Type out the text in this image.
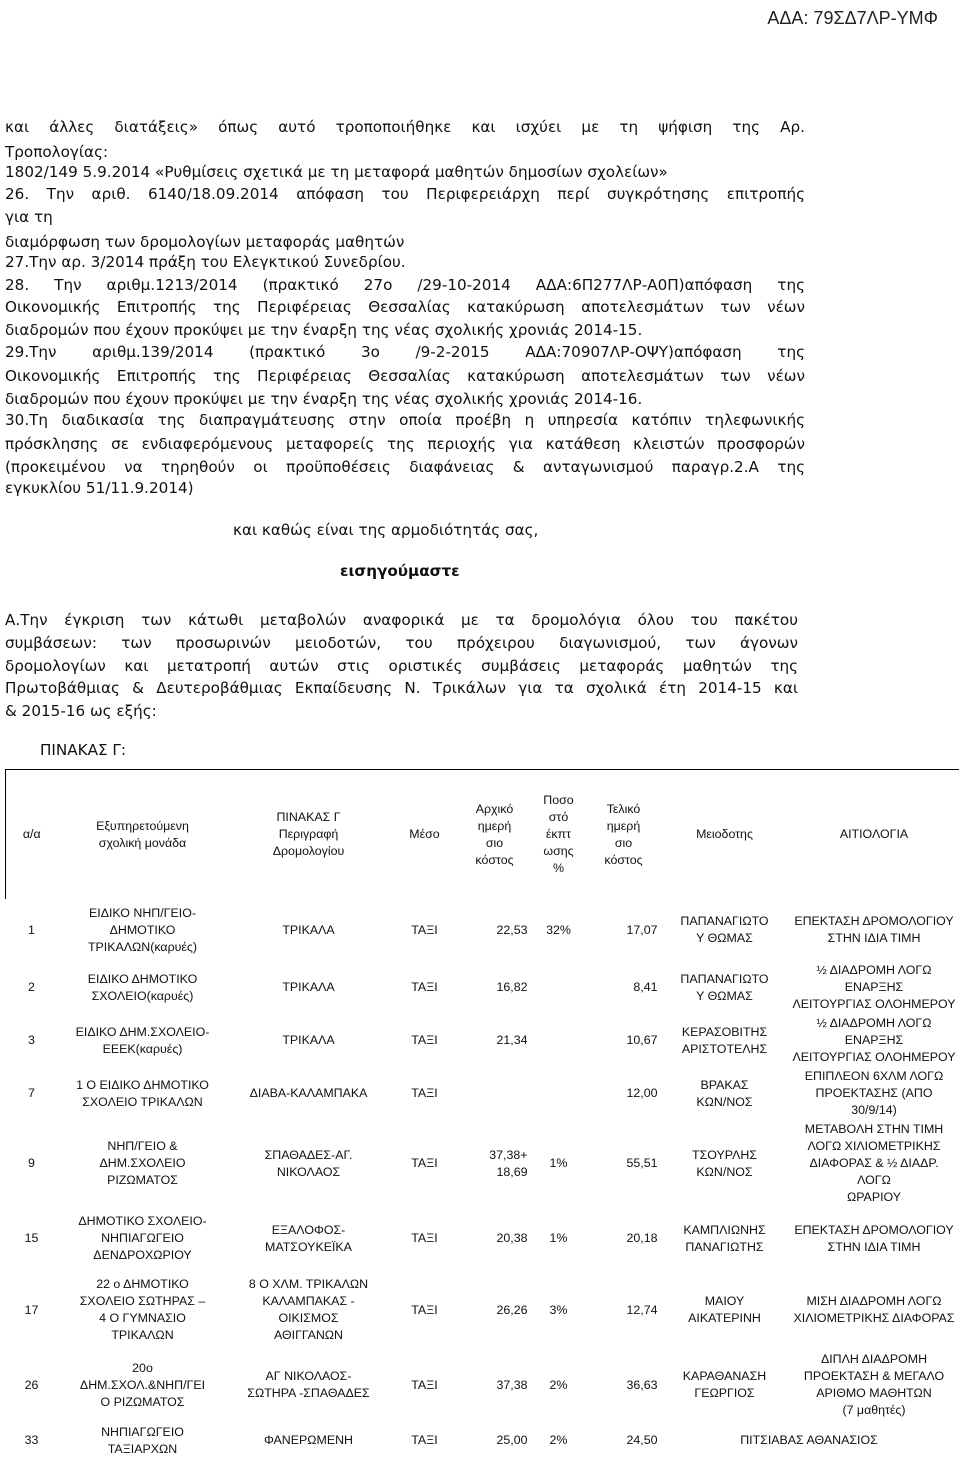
ΑΔΑ: 79ΣΔ7ΛΡ-ΥΜΦ
και άλλες διατάξεις» όπως αυτό τροποποιήθηκε και ισχύει με τη ψήφιση της Αρ.
Τροπολογίας:
1802/149 5.9.2014 «Ρυθμίσεις σχετικά με τη μεταφορά μαθητών δημοσίων σχολείων»
26. Την αριθ. 6140/18.09.2014 απόφαση του Περιφερειάρχη περί συγκρότησης επιτροπής
για τη
διαμόρφωση των δρομολογίων μεταφοράς μαθητών
27.Την αρ. 3/2014 πράξη του Ελεγκτικού Συνεδρίου.
28. Την αριθμ.1213/2014 (πρακτικό 27ο /29-10-2014 ΑΔΑ:6Π277ΛΡ-Α0Π)απόφαση της
Οικονομικής Επιτροπής της Περιφέρειας Θεσσαλίας κατακύρωση αποτελεσμάτων των νέων
διαδρομών που έχουν προκύψει με την έναρξη της νέας σχολικής χρονιάς 2014-15.
29.Την αριθμ.139/2014 (πρακτικό 3ο /9-2-2015 ΑΔΑ:70907ΛΡ-ΟΨΥ)απόφαση της
Οικονομικής Επιτροπής της Περιφέρειας Θεσσαλίας κατακύρωση αποτελεσμάτων των νέων
διαδρομών που έχουν προκύψει με την έναρξη της νέας σχολικής χρονιάς 2014-16.
30.Τη διαδικασία της διαπραγμάτευσης στην οποία προέβη η υπηρεσία κατόπιν τηλεφωνικής
πρόσκλησης σε ενδιαφερόμενους μεταφορείς της περιοχής για κατάθεση κλειστών προσφορών
(προκειμένου να τηρηθούν οι προϋποθέσεις διαφάνειας & ανταγωνισμού παραγρ.2.Α της
εγκυκλίου 51/11.9.2014)
και καθώς είναι της αρμοδιότητάς σας,
εισηγούμαστε
Α.Την έγκριση των κάτωθι μεταβολών αναφορικά με τα δρομολόγια όλου του πακέτου
συμβάσεων: των προσωρινών μειοδοτών, του πρόχειρου διαγωνισμού, των άγονων
δρομολογίων και μετατροπή αυτών στις οριστικές συμβάσεις μεταφοράς μαθητών της
Πρωτοβάθμιας & Δευτεροβάθμιας Εκπαίδευσης Ν. Τρικάλων για τα σχολικά έτη 2014-15 και
& 2015-16 ως εξής:
ΠΙΝΑΚΑΣ Γ:
α/α	Εξυπηρετούμενη
σχολική μονάδα	ΠΙΝΑΚΑΣ Γ
Περιγραφή
Δρομολογίου	Μέσο	Αρχικό
ημερή
σιο
κόστος	Ποσο
στό
έκπτ
ωσης
%	Τελικό
ημερή
σιο
κόστος	Μειοδοτης	ΑΙΤΙΟΛΟΓΙΑ
1	ΕΙΔΙΚΟ ΝΗΠ/ΓΕΙΟ-
ΔΗΜΟΤΙΚΟ
ΤΡΙΚΑΛΩΝ(καρυές)	ΤΡΙΚΑΛΑ	ΤΑΞΙ	22,53	32%	17,07	ΠΑΠΑΝΑΓΙΩΤΟ
Υ ΘΩΜΑΣ	ΕΠΕΚΤΑΣΗ ΔΡΟΜΟΛΟΓΙΟΥ
ΣΤΗΝ ΙΔΙΑ ΤΙΜΗ
2	ΕΙΔΙΚΟ ΔΗΜΟΤΙΚΟ
ΣΧΟΛΕΙΟ(καρυές)	ΤΡΙΚΑΛΑ	ΤΑΞΙ	16,82		8,41	ΠΑΠΑΝΑΓΙΩΤΟ
Υ ΘΩΜΑΣ	½ ΔΙΑΔΡΟΜΗ ΛΟΓΩ ΕΝΑΡΞΗΣ
ΛΕΙΤΟΥΡΓΙΑΣ ΟΛΟΗΜΕΡΟΥ
3	ΕΙΔΙΚΟ ΔΗΜ.ΣΧΟΛΕΙΟ-
ΕΕΕΚ(καρυές)	ΤΡΙΚΑΛΑ	ΤΑΞΙ	21,34		10,67	ΚΕΡΑΣΟΒΙΤΗΣ
ΑΡΙΣΤΟΤΕΛΗΣ	½ ΔΙΑΔΡΟΜΗ ΛΟΓΩ ΕΝΑΡΞΗΣ
ΛΕΙΤΟΥΡΓΙΑΣ ΟΛΟΗΜΕΡΟΥ
7	1 Ο ΕΙΔΙΚΟ ΔΗΜΟΤΙΚΟ
ΣΧΟΛΕΙΟ ΤΡΙΚΑΛΩΝ	ΔΙΑΒΑ-ΚΑΛΑΜΠΑΚΑ	ΤΑΞΙ			12,00	ΒΡΑΚΑΣ
ΚΩΝ/ΝΟΣ	ΕΠΙΠΛΕΟΝ 6ΧΛΜ ΛΟΓΩ
ΠΡΟΕΚΤΑΣΗΣ (ΑΠΟ 30/9/14)
9	ΝΗΠ/ΓΕΙΟ &
ΔΗΜ.ΣΧΟΛΕΙΟ
ΡΙΖΩΜΑΤΟΣ	ΣΠΑΘΑΔΕΣ-ΑΓ.
ΝΙΚΟΛΑΟΣ	ΤΑΞΙ	37,38+
18,69	1%	55,51	ΤΣΟΥΡΛΗΣ
ΚΩΝ/ΝΟΣ	ΜΕΤΑΒΟΛΗ ΣΤΗΝ ΤΙΜΗ
ΛΟΓΩ ΧΙΛΙΟΜΕΤΡΙΚΗΣ
ΔΙΑΦΟΡΑΣ & ½ ΔΙΑΔΡ. ΛΟΓΩ
ΩΡΑΡΙΟΥ
15	ΔΗΜΟΤΙΚΟ ΣΧΟΛΕΙΟ-
ΝΗΠΙΑΓΩΓΕΙΟ
ΔΕΝΔΡΟΧΩΡΙΟΥ	ΕΞΑΛΟΦΟΣ-
ΜΑΤΣΟΥΚΕΪΚΑ	ΤΑΞΙ	20,38	1%	20,18	ΚΑΜΠΛΙΩΝΗΣ
ΠΑΝΑΓΙΩΤΗΣ	ΕΠΕΚΤΑΣΗ ΔΡΟΜΟΛΟΓΙΟΥ
ΣΤΗΝ ΙΔΙΑ ΤΙΜΗ
17	22 ο ΔΗΜΟΤΙΚΟ
ΣΧΟΛΕΙΟ ΣΩΤΗΡΑΣ –
4 Ο ΓΥΜΝΑΣΙΟ
ΤΡΙΚΑΛΩΝ	8 Ο ΧΛΜ. ΤΡΙΚΑΛΩΝ
ΚΑΛΑΜΠΑΚΑΣ -
ΟΙΚΙΣΜΟΣ
ΑΘΙΓΓΑΝΩΝ	ΤΑΞΙ	26,26	3%	12,74	ΜΑΙΟΥ
ΑΙΚΑΤΕΡΙΝΗ	ΜΙΣΗ ΔΙΑΔΡΟΜΗ ΛΟΓΩ
ΧΙΛΙΟΜΕΤΡΙΚΗΣ ΔΙΑΦΟΡΑΣ
26	20ο
ΔΗΜ.ΣΧΟΛ.&ΝΗΠ/ΓΕΙ
Ο ΡΙΖΩΜΑΤΟΣ	ΑΓ ΝΙΚΟΛΑΟΣ-
ΣΩΤΗΡΑ -ΣΠΑΘΑΔΕΣ	ΤΑΞΙ	37,38	2%	36,63	ΚΑΡΑΘΑΝΑΣΗ
ΓΕΩΡΓΙΟΣ	ΔΙΠΛΗ ΔΙΑΔΡΟΜΗ
ΠΡΟΕΚΤΑΣΗ & ΜΕΓΑΛΟ
ΑΡΙΘΜΟ ΜΑΘΗΤΩΝ
(7 μαθητές)
33	ΝΗΠΙΑΓΩΓΕΙΟ
ΤΑΞΙΑΡΧΩΝ	ΦΑΝΕΡΩΜΕΝΗ	ΤΑΞΙ	25,00	2%	24,50	ΠΙΤΣΙΑΒΑΣ ΑΘΑΝΑΣΙΟΣ	
